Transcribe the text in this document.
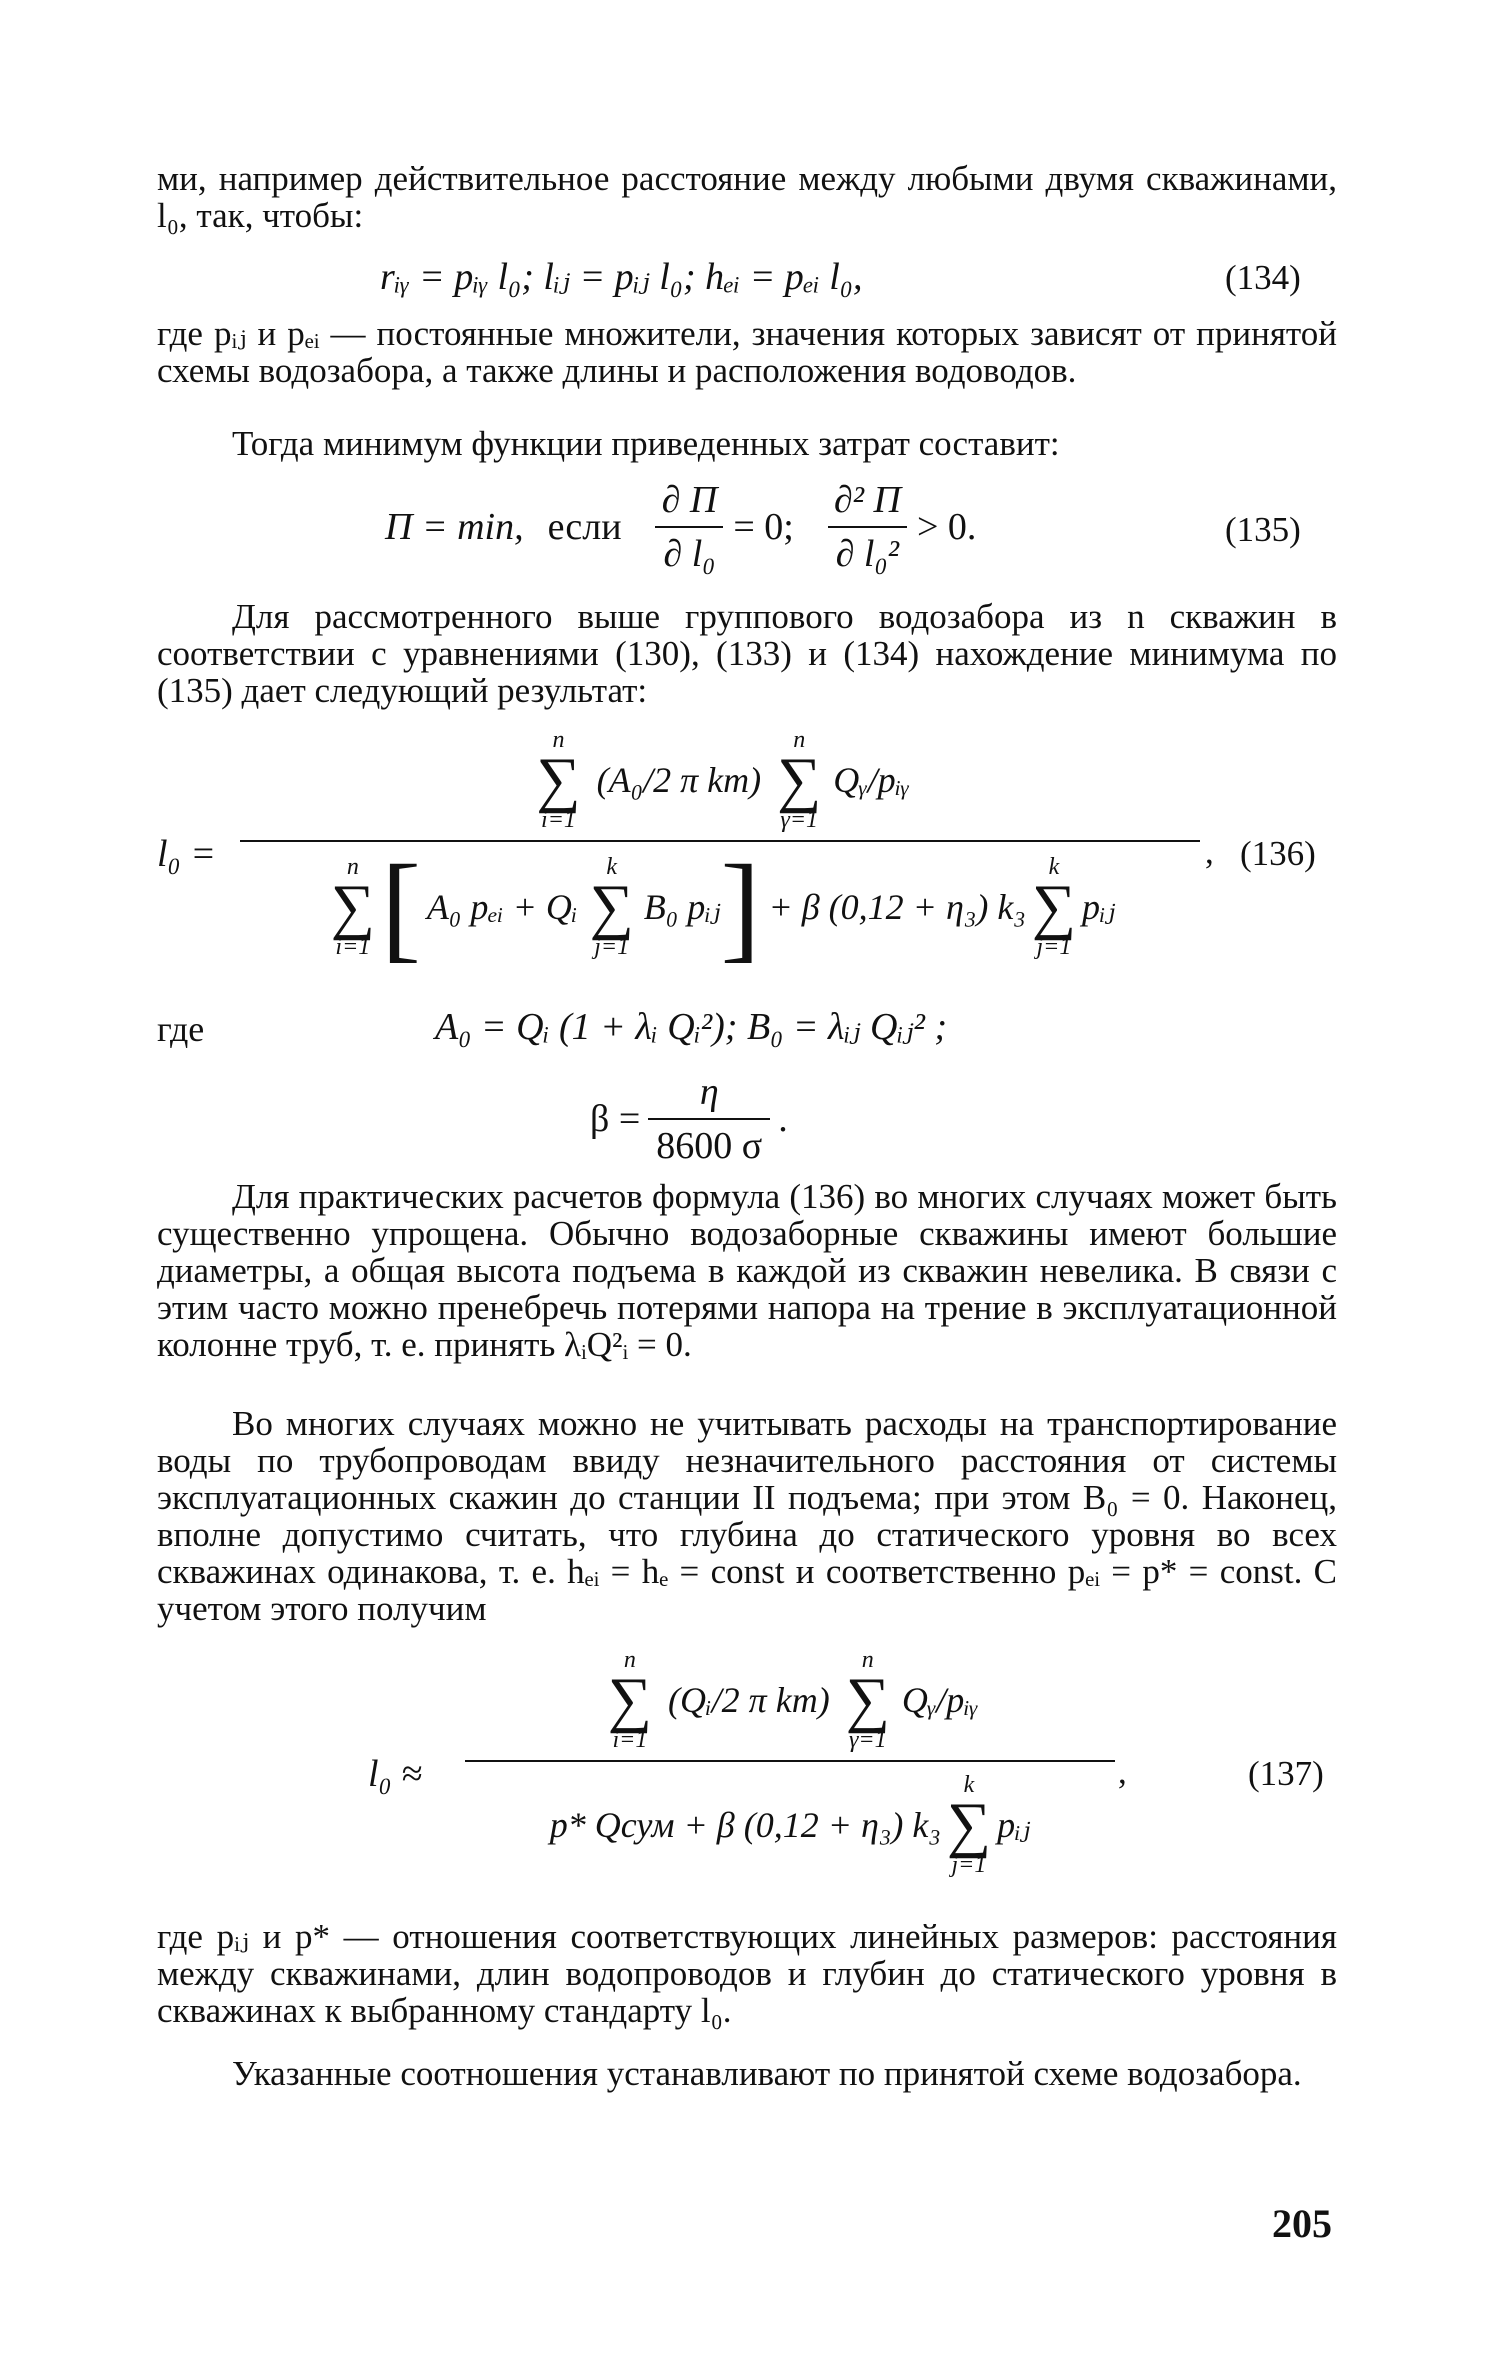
ми, например действительное расстояние между любыми двумя скважинами, l₀, так, чтобы:

rᵢᵧ = pᵢᵧ l₀; lᵢⱼ = pᵢⱼ l₀; hₑᵢ = pₑᵢ l₀,	(134)

где pᵢⱼ и pₑᵢ — постоянные множители, значения которых зависят от принятой схемы водозабора, а также длины и расположения водоводов.

Тогда минимум функции приведенных затрат составит:

П = min, если $\frac{\partial П}{\text{∂ l₀}} = 0$; $\frac{\text{∂² П}}{\text{∂ l₀²}} > 0$.	(135)

Для рассмотренного выше группового водозабора из n скважин в соответствии с уравнениями (130), (133) и (134) нахождение минимума по (135) дает следующий результат:

l₀ =
n
∑
i=1
(A₀/2 π km)
n
∑
γ=1
Qᵧ/pᵢᵧ
n
∑
i=1 [ A₀ pₑᵢ + Qᵢ
k
∑
j=1
B₀ pᵢⱼ ] + β (0,12 + η₃) k₃
k
∑
j=1
pᵢⱼ
, (136)
где	A₀ = Qᵢ (1 + λᵢ Qᵢ²); B₀ = λᵢⱼ Qᵢⱼ² ;
$\beta = \frac{\eta}{8600 \sigma}$ .

Для практических расчетов формула (136) во многих случаях может быть существенно упрощена. Обычно водозаборные скважины имеют большие диаметры, а общая высота подъема в каждой из скважин невелика. В связи с этим часто можно пренебречь потерями напора на трение в эксплуатационной колонне труб, т. е. принять λᵢQ²ᵢ = 0.

Во многих случаях можно не учитывать расходы на транспортирование воды по трубопроводам ввиду незначительного расстояния от системы эксплуатационных скажин до станции II подъема; при этом B₀ = 0. Наконец, вполне допустимо считать, что глубина до статического уровня во всех скважинах одинакова, т. е. hₑᵢ = hₑ = const и соответственно pₑᵢ = p* = const. С учетом этого получим

l₀ ≈
n
∑
i=1
(Qᵢ/2 π km)
n
∑
γ=1
Qᵧ/pᵢᵧ
p* Qсум + β (0,12 + η₃) k₃
k
∑
j=1
pᵢⱼ
,	(137)

где pᵢⱼ и p* — отношения соответствующих линейных размеров: расстояния между скважинами, длин водопроводов и глубин до статического уровня в скважинах к выбранному стандарту l₀.

Указанные соотношения устанавливают по принятой схеме водозабора.

205
